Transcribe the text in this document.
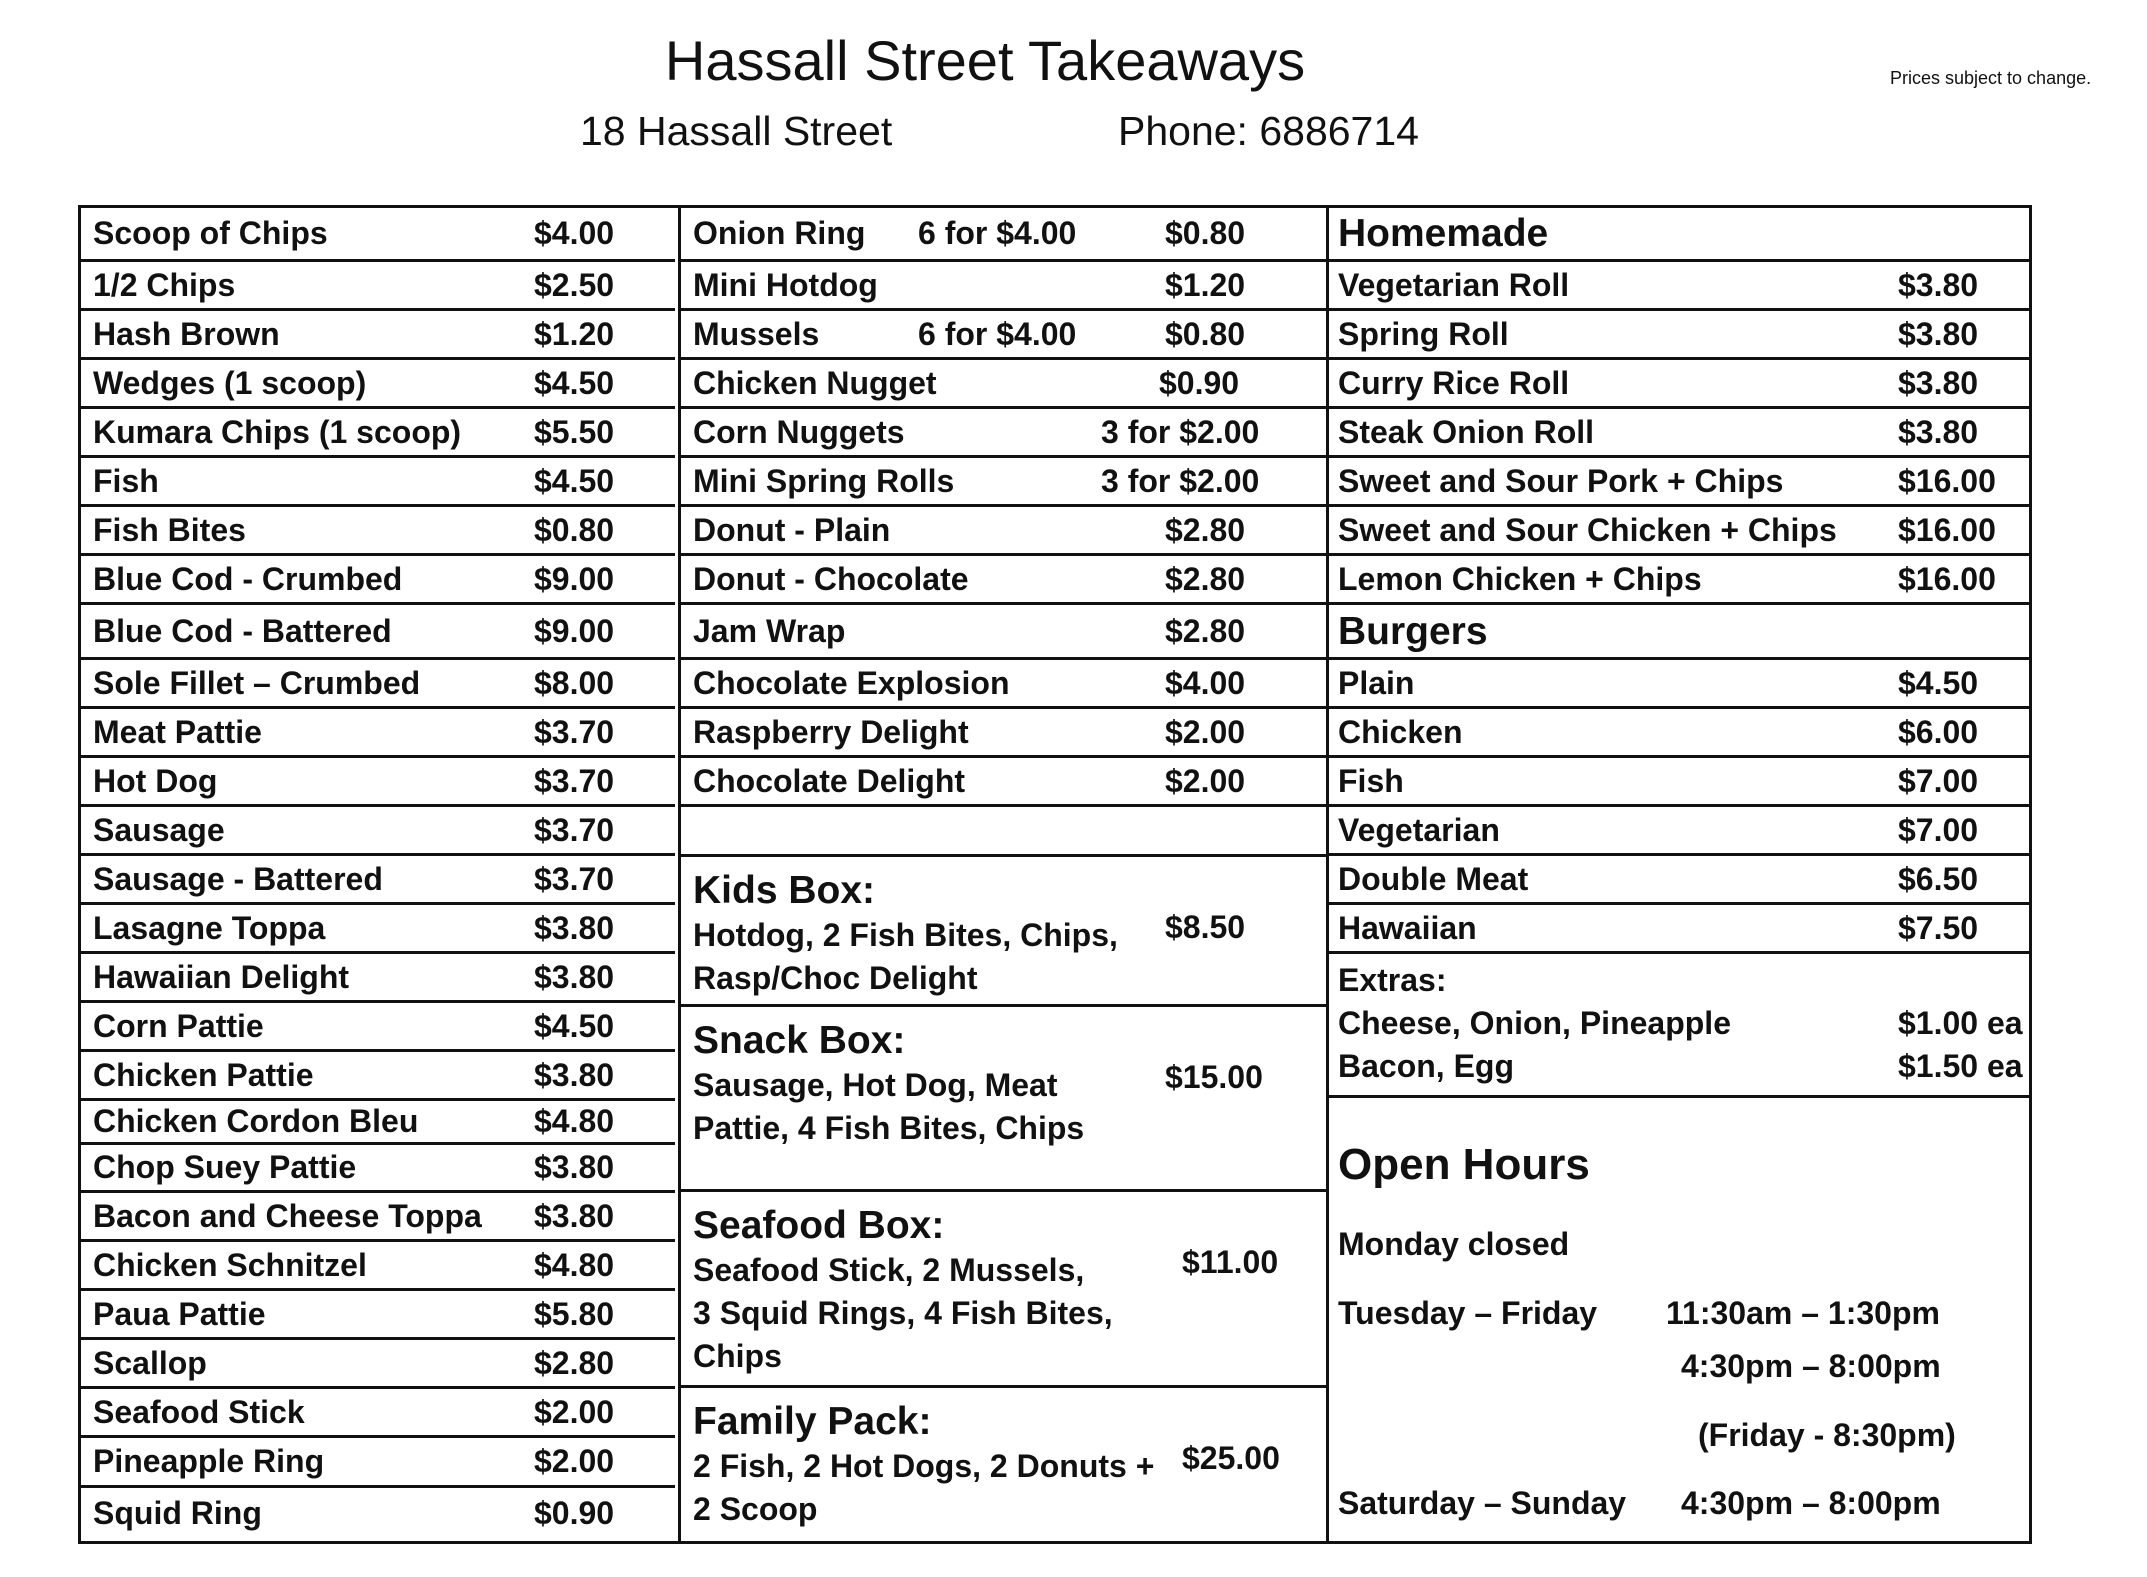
Hassall Street Takeaways
18 Hassall Street	Phone: 6886714
Prices subject to change.
Scoop of Chips	$4.00
1/2 Chips	$2.50
Hash Brown	$1.20
Wedges (1 scoop)	$4.50
Kumara Chips (1 scoop) $5.50
Fish	$4.50
Fish Bites	$0.80
Blue Cod - Crumbed	$9.00
Blue Cod - Battered	$9.00
Sole Fillet – Crumbed	$8.00
Meat Pattie	$3.70
Hot Dog	$3.70
Sausage	$3.70
Sausage - Battered	$3.70
Lasagne Toppa	$3.80
Hawaiian Delight	$3.80
Corn Pattie	$4.50
Chicken Pattie	$3.80
Chicken Cordon Bleu	$4.80
Chop Suey Pattie	$3.80
Bacon and Cheese Toppa $3.80
Chicken Schnitzel	$4.80
Paua Pattie	$5.80
Scallop	$2.80
Seafood Stick	$2.00
Pineapple Ring	$2.00
Squid Ring	$0.90
Onion Ring 6 for $4.00	$0.80
Mini Hotdog	$1.20
Mussels	6 for $4.00	$0.80
Chicken Nugget	$0.90
Corn Nuggets	3 for $2.00
Mini Spring Rolls	3 for $2.00
Donut - Plain	$2.80
Donut - Chocolate	$2.80
Jam Wrap	$2.80
Chocolate Explosion	$4.00
Raspberry Delight	$2.00
Chocolate Delight	$2.00
Kids Box:
Hotdog, 2 Fish Bites, Chips,
Rasp/Choc Delight
$8.50
Snack Box:
Sausage, Hot Dog, Meat
Pattie, 4 Fish Bites, Chips
$15.00
Seafood Box:
Seafood Stick, 2 Mussels,
3 Squid Rings, 4 Fish Bites,
Chips
$11.00
Family Pack:
2 Fish, 2 Hot Dogs, 2 Donuts +
2 Scoop
$25.00
Homemade
Vegetarian Roll	$3.80
Spring Roll	$3.80
Curry Rice Roll	$3.80
Steak Onion Roll	$3.80
Sweet and Sour Pork + Chips	$16.00
Sweet and Sour Chicken + Chips $16.00
Lemon Chicken + Chips	$16.00
Burgers
Plain	$4.50
Chicken	$6.00
Fish	$7.00
Vegetarian	$7.00
Double Meat	$6.50
Hawaiian	$7.50
Extras:
Cheese, Onion, Pineapple	$1.00 ea
Bacon, Egg	$1.50 ea
Open Hours
Monday closed
Tuesday – Friday 11:30am – 1:30pm
4:30pm – 8:00pm
(Friday - 8:30pm)
Saturday – Sunday 4:30pm – 8:00pm
